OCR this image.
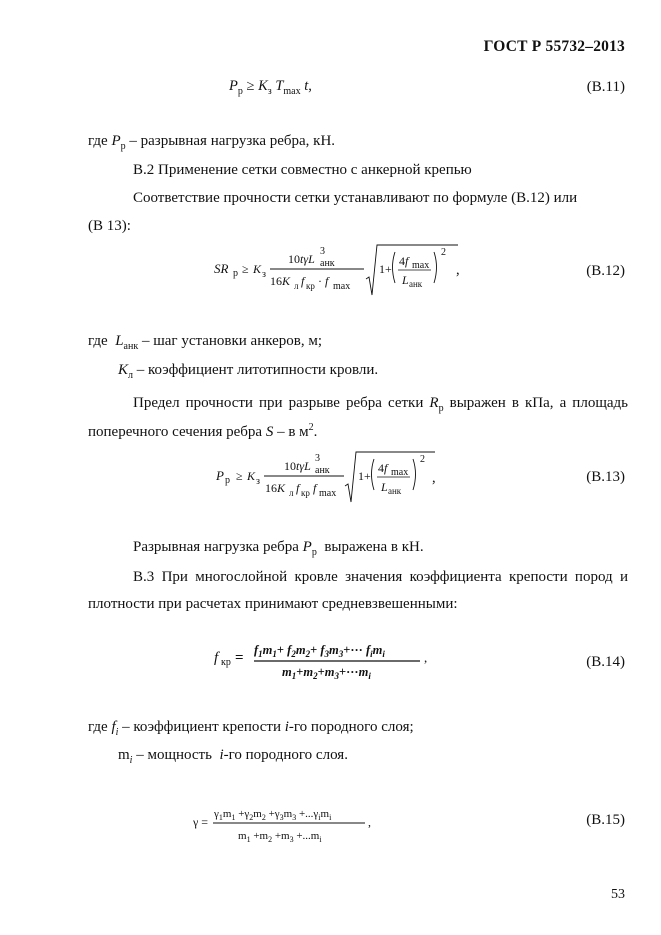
ГОСТ Р 55732–2013
$P_р \ge K_з$ $T_{max}$ t,	(В.11)
где $P_р$ – разрывная нагрузка ребра, кН.
В.2 Применение сетки совместно с анкерной крепью
Соответствие прочности сетки устанавливают по формуле (В.12) или
(В 13):
SR р ≥ K з
10tγL
3
анк
16K л f кр · f max
1+
4f max
L анк
2
,	(В.12)
где  $L_{анк}$ – шаг установки анкеров, м;
$K_л$ – коэффициент литотипности кровли.
Предел прочности при разрыве ребра сетки $R_р$ выражен в кПа, а площадь
поперечного сечения ребра S – в $м^2$.
P р ≥ K з
10tγL
3
анк
16K л f кр f max
1+
4f max
L анк
2
,	(В.13)
Разрывная нагрузка ребра $P_р$  выражена в кН.
В.3 При многослойной кровле значения коэффициента крепости пород и
плотности при расчетах принимают средневзвешенными:
f кр = $f_1m_1+ f_2m_2+ f_3m_3+\cdot\cdot\cdot f_im_i$
$m_1+m_2+m_3+\cdot\cdot\cdot m_i$
,	(В.14)
где $f_i$ – коэффициент крепости i-го породного слоя;
$m_i$ – мощность  i-го породного слоя.
γ =
$\gamma_1m_1 +\gamma_2m_2 +\gamma_3m_3 +...\gamma_im_i$
$m_1 +m_2 +m_3 +...m_i$
,	(В.15)
53
